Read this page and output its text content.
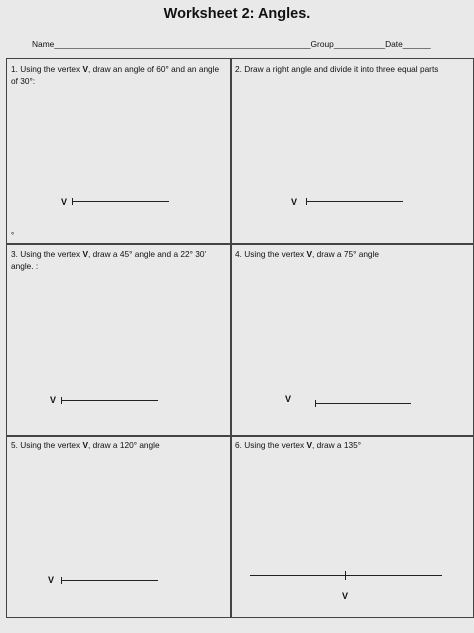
Worksheet 2: Angles.
Name_______________________________________________________Group___________Date______
1. Using the vertex V, draw an angle of 60° and an angle of 30°:
V
°
2. Draw a right angle and divide it into three equal parts
V
3. Using the vertex V, draw a 45° angle and a 22° 30’ angle. :
V
4. Using the vertex V, draw a 75° angle
V
5. Using the vertex V, draw a 120° angle
V
6. Using the vertex V, draw a 135°
V
